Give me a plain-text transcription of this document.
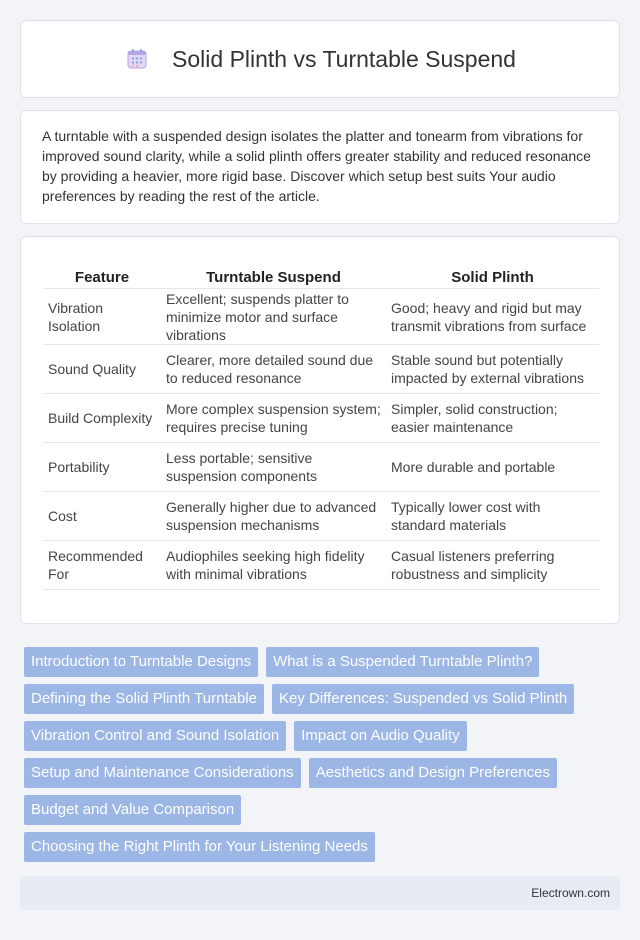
Solid Plinth vs Turntable Suspend

A turntable with a suspended design isolates the platter and tonearm from vibrations for improved sound clarity, while a solid plinth offers greater stability and reduced resonance by providing a heavier, more rigid base. Discover which setup best suits Your audio preferences by reading the rest of the article.

Feature	Turntable Suspend	Solid Plinth
Vibration Isolation	Excellent; suspends platter to minimize motor and surface vibrations	Good; heavy and rigid but may transmit vibrations from surface
Sound Quality	Clearer, more detailed sound due to reduced resonance	Stable sound but potentially impacted by external vibrations
Build Complexity	More complex suspension system; requires precise tuning	Simpler, solid construction; easier maintenance
Portability	Less portable; sensitive suspension components	More durable and portable
Cost	Generally higher due to advanced suspension mechanisms	Typically lower cost with standard materials
Recommended For	Audiophiles seeking high fidelity with minimal vibrations	Casual listeners preferring robustness and simplicity
Introduction to Turntable Designs	What is a Suspended Turntable Plinth?
Defining the Solid Plinth Turntable	Key Differences: Suspended vs Solid Plinth
Vibration Control and Sound Isolation	Impact on Audio Quality
Setup and Maintenance Considerations	Aesthetics and Design Preferences
Budget and Value Comparison
Choosing the Right Plinth for Your Listening Needs
Electrown.com
